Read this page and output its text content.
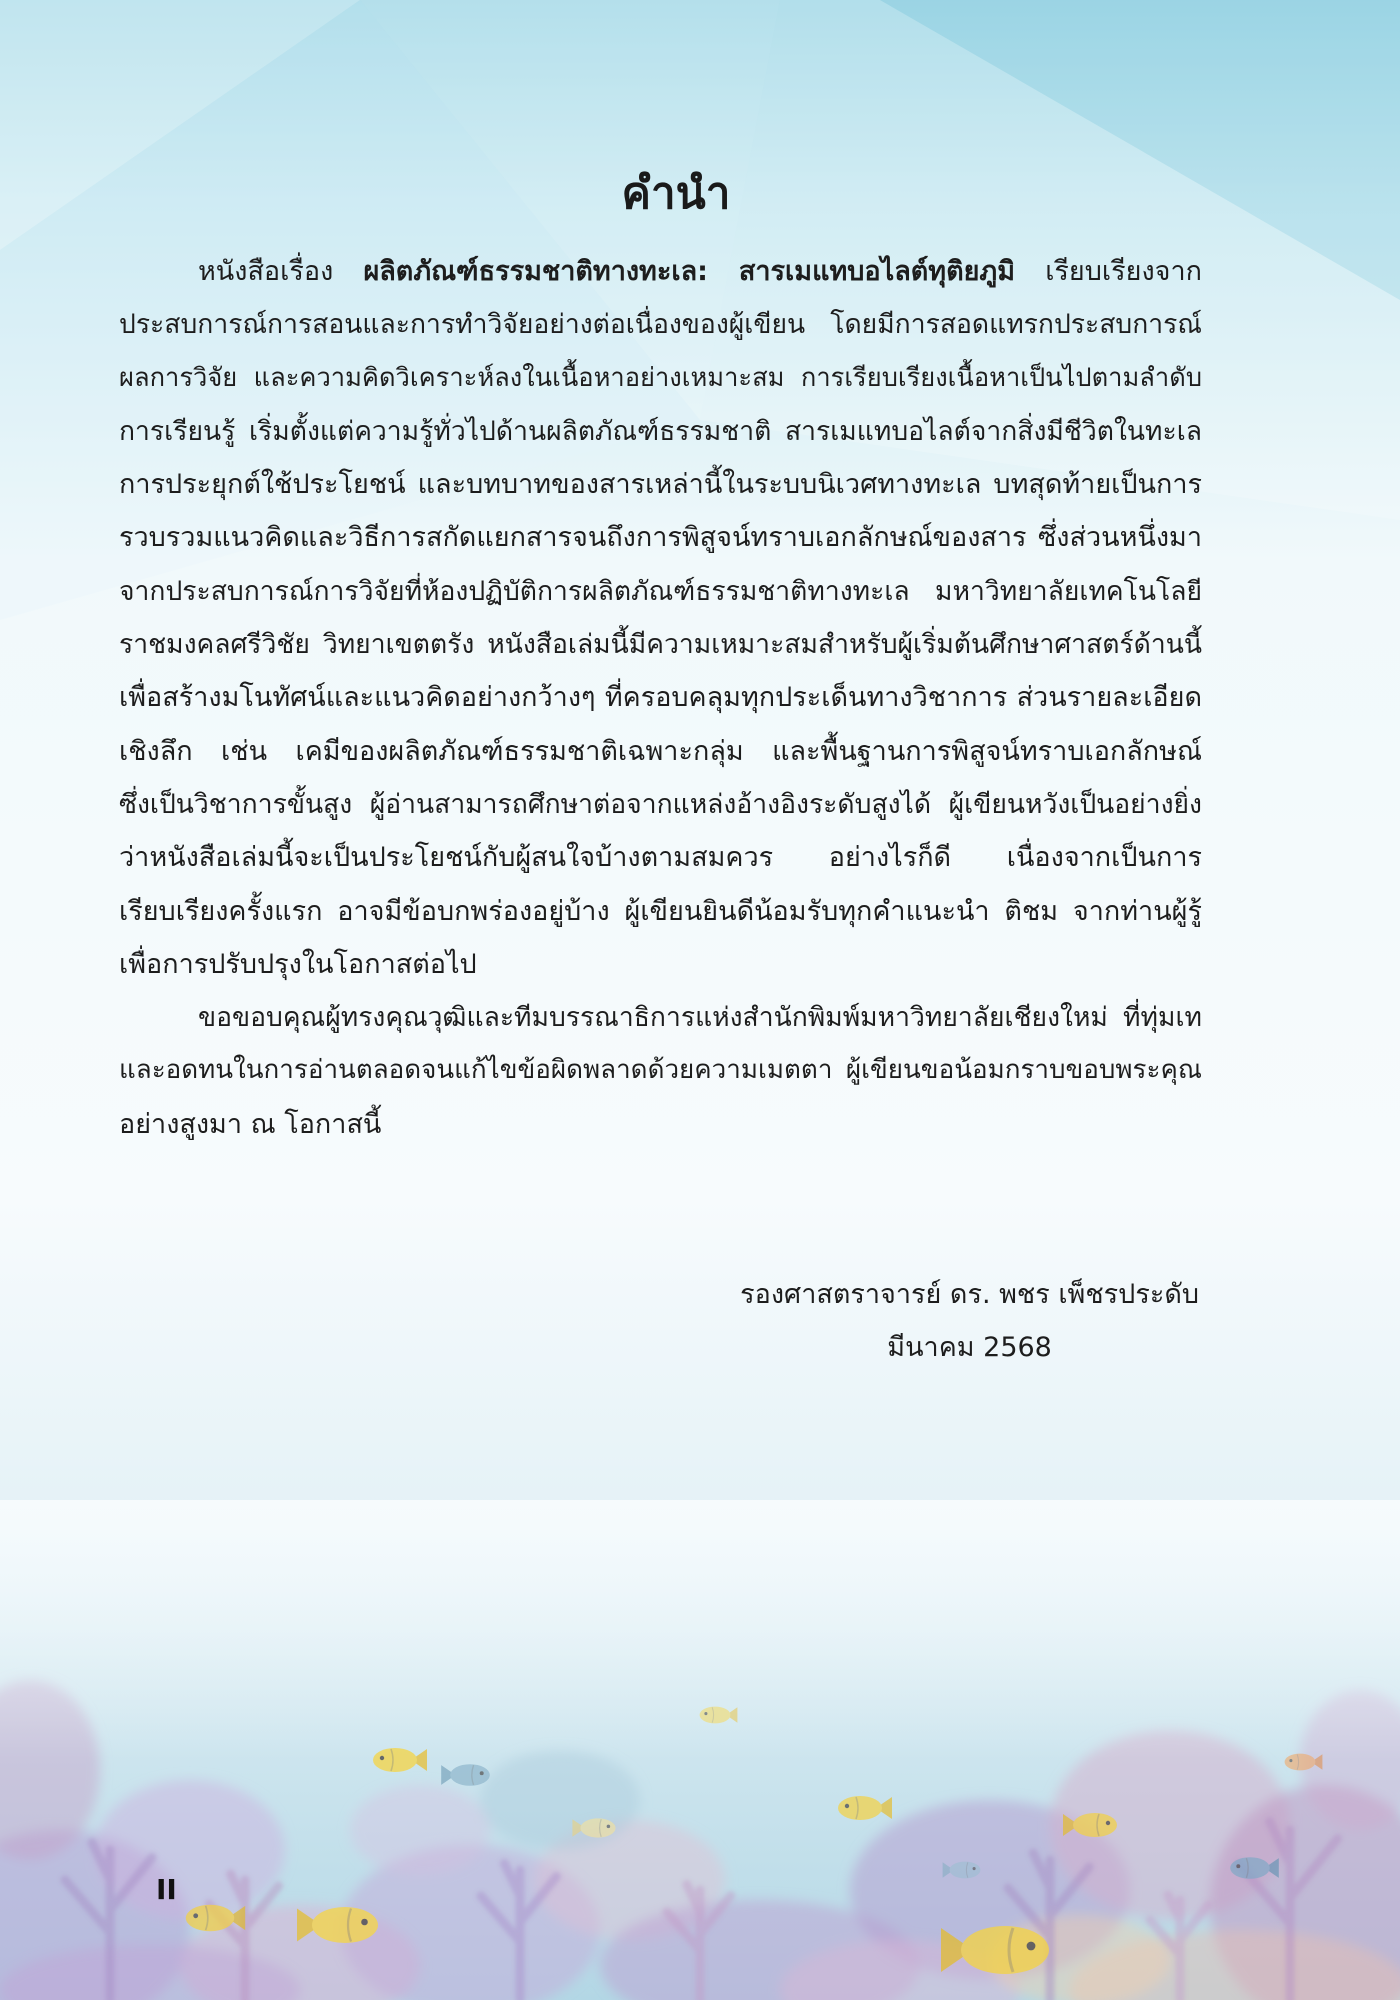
คำนำ
หนังสือเรื่อง ผลิตภัณฑ์ธรรมชาติทางทะเล: สารเมแทบอไลต์ทุติยภูมิ เรียบเรียงจาก
ประสบการณ์การสอนและการทำวิจัยอย่างต่อเนื่องของผู้เขียน โดยมีการสอดแทรกประสบการณ์
ผลการวิจัย และความคิดวิเคราะห์ลงในเนื้อหาอย่างเหมาะสม การเรียบเรียงเนื้อหาเป็นไปตามลำดับ
การเรียนรู้ เริ่มตั้งแต่ความรู้ทั่วไปด้านผลิตภัณฑ์ธรรมชาติ สารเมแทบอไลต์จากสิ่งมีชีวิตในทะเล
การประยุกต์ใช้ประโยชน์ และบทบาทของสารเหล่านี้ในระบบนิเวศทางทะเล บทสุดท้ายเป็นการ
รวบรวมแนวคิดและวิธีการสกัดแยกสารจนถึงการพิสูจน์ทราบเอกลักษณ์ของสาร ซึ่งส่วนหนึ่งมา
จากประสบการณ์การวิจัยที่ห้องปฏิบัติการผลิตภัณฑ์ธรรมชาติทางทะเล มหาวิทยาลัยเทคโนโลยี
ราชมงคลศรีวิชัย วิทยาเขตตรัง หนังสือเล่มนี้มีความเหมาะสมสำหรับผู้เริ่มต้นศึกษาศาสตร์ด้านนี้
เพื่อสร้างมโนทัศน์และแนวคิดอย่างกว้างๆ ที่ครอบคลุมทุกประเด็นทางวิชาการ ส่วนรายละเอียด
เชิงลึก เช่น เคมีของผลิตภัณฑ์ธรรมชาติเฉพาะกลุ่ม และพื้นฐานการพิสูจน์ทราบเอกลักษณ์
ซึ่งเป็นวิชาการขั้นสูง ผู้อ่านสามารถศึกษาต่อจากแหล่งอ้างอิงระดับสูงได้ ผู้เขียนหวังเป็นอย่างยิ่ง
ว่าหนังสือเล่มนี้จะเป็นประโยชน์กับผู้สนใจบ้างตามสมควร อย่างไรก็ดี เนื่องจากเป็นการ
เรียบเรียงครั้งแรก อาจมีข้อบกพร่องอยู่บ้าง ผู้เขียนยินดีน้อมรับทุกคำแนะนำ ติชม จากท่านผู้รู้
เพื่อการปรับปรุงในโอกาสต่อไป
ขอขอบคุณผู้ทรงคุณวุฒิและทีมบรรณาธิการแห่งสำนักพิมพ์มหาวิทยาลัยเชียงใหม่ ที่ทุ่มเท
และอดทนในการอ่านตลอดจนแก้ไขข้อผิดพลาดด้วยความเมตตา ผู้เขียนขอน้อมกราบขอบพระคุณ
อย่างสูงมา ณ โอกาสนี้
รองศาสตราจารย์ ดร. พชร เพ็ชรประดับ
มีนาคม 2568
II
